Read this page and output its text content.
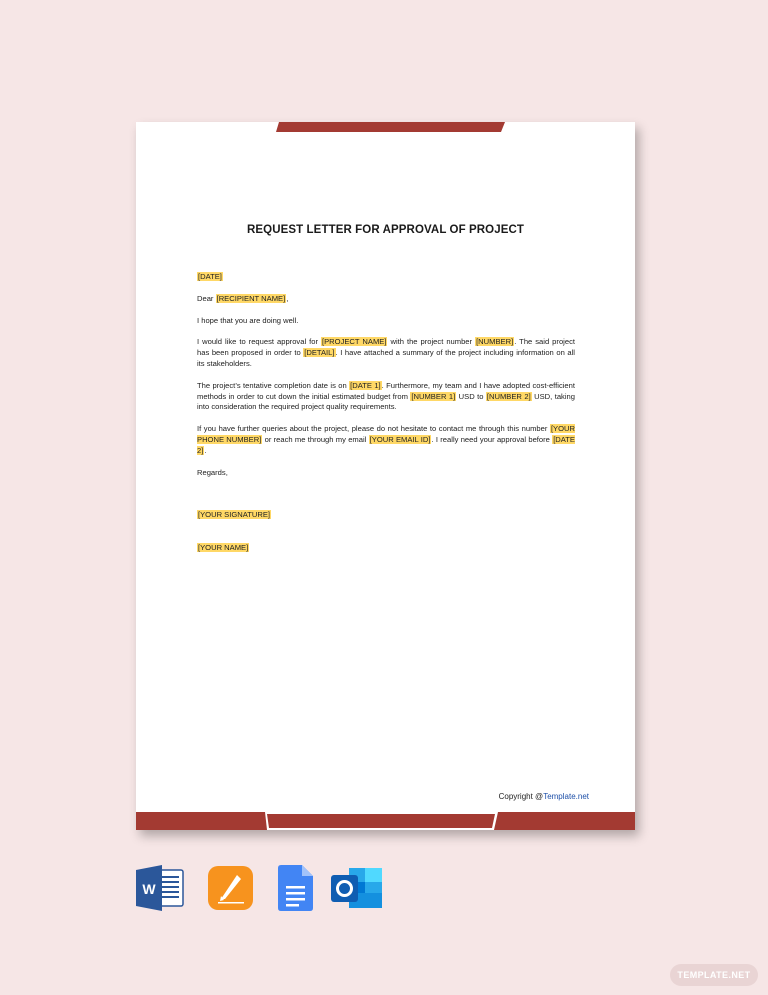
REQUEST LETTER FOR APPROVAL OF PROJECT

[DATE]

Dear [RECIPIENT NAME],

I hope that you are doing well.

I would like to request approval for [PROJECT NAME] with the project number [NUMBER]. The said project has been proposed in order to [DETAIL]. I have attached a summary of the project including information on all its stakeholders.

The project’s tentative completion date is on [DATE 1]. Furthermore, my team and I have adopted cost-efficient methods in order to cut down the initial estimated budget from [NUMBER 1] USD to [NUMBER 2] USD, taking into consideration the required project quality requirements.

If you have further queries about the project, please do not hesitate to contact me through this number [YOUR PHONE NUMBER] or reach me through my email [YOUR EMAIL ID]. I really need your approval before [DATE 2].

Regards,

[YOUR SIGNATURE]

[YOUR NAME]

Copyright @Template.net
W
TEMPLATE.NET
